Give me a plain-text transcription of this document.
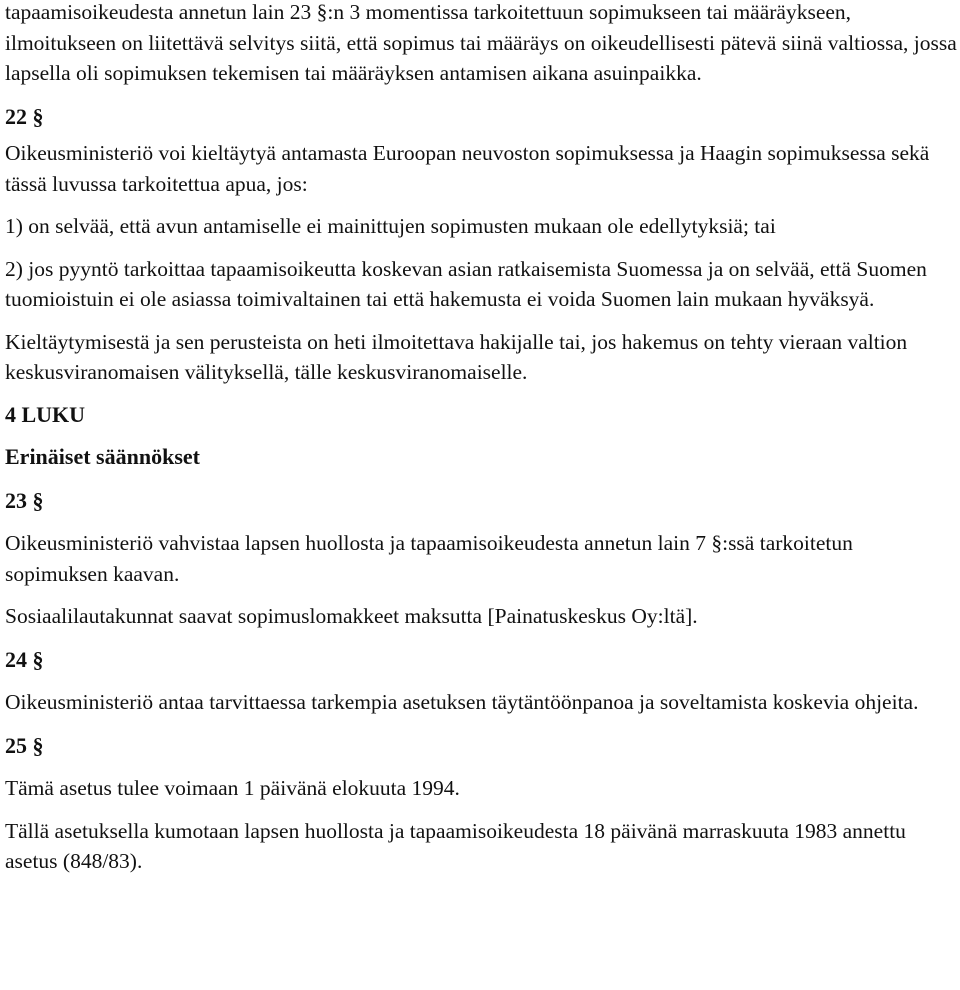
tapaamisoikeudesta annetun lain 23 §:n 3 momentissa tarkoitettuun sopimukseen tai määräykseen, ilmoitukseen on liitettävä selvitys siitä, että sopimus tai määräys on oikeudellisesti pätevä siinä valtiossa, jossa lapsella oli sopimuksen tekemisen tai määräyksen antamisen aikana asuinpaikka.

22 §

Oikeusministeriö voi kieltäytyä antamasta Euroopan neuvoston sopimuksessa ja Haagin sopimuksessa sekä tässä luvussa tarkoitettua apua, jos:

1) on selvää, että avun antamiselle ei mainittujen sopimusten mukaan ole edellytyksiä; tai

2) jos pyyntö tarkoittaa tapaamisoikeutta koskevan asian ratkaisemista Suomessa ja on selvää, että Suomen tuomioistuin ei ole asiassa toimivaltainen tai että hakemusta ei voida Suomen lain mukaan hyväksyä.

Kieltäytymisestä ja sen perusteista on heti ilmoitettava hakijalle tai, jos hakemus on tehty vieraan valtion keskusviranomaisen välityksellä, tälle keskusviranomaiselle.

4 LUKU

Erinäiset säännökset

23 §

Oikeusministeriö vahvistaa lapsen huollosta ja tapaamisoikeudesta annetun lain 7 §:ssä tarkoitetun sopimuksen kaavan.

Sosiaalilautakunnat saavat sopimuslomakkeet maksutta [Painatuskeskus Oy:ltä].

24 §

Oikeusministeriö antaa tarvittaessa tarkempia asetuksen täytäntöönpanoa ja soveltamista koskevia ohjeita.

25 §

Tämä asetus tulee voimaan 1 päivänä elokuuta 1994.

Tällä asetuksella kumotaan lapsen huollosta ja tapaamisoikeudesta 18 päivänä marraskuuta 1983 annettu asetus (848/83).
